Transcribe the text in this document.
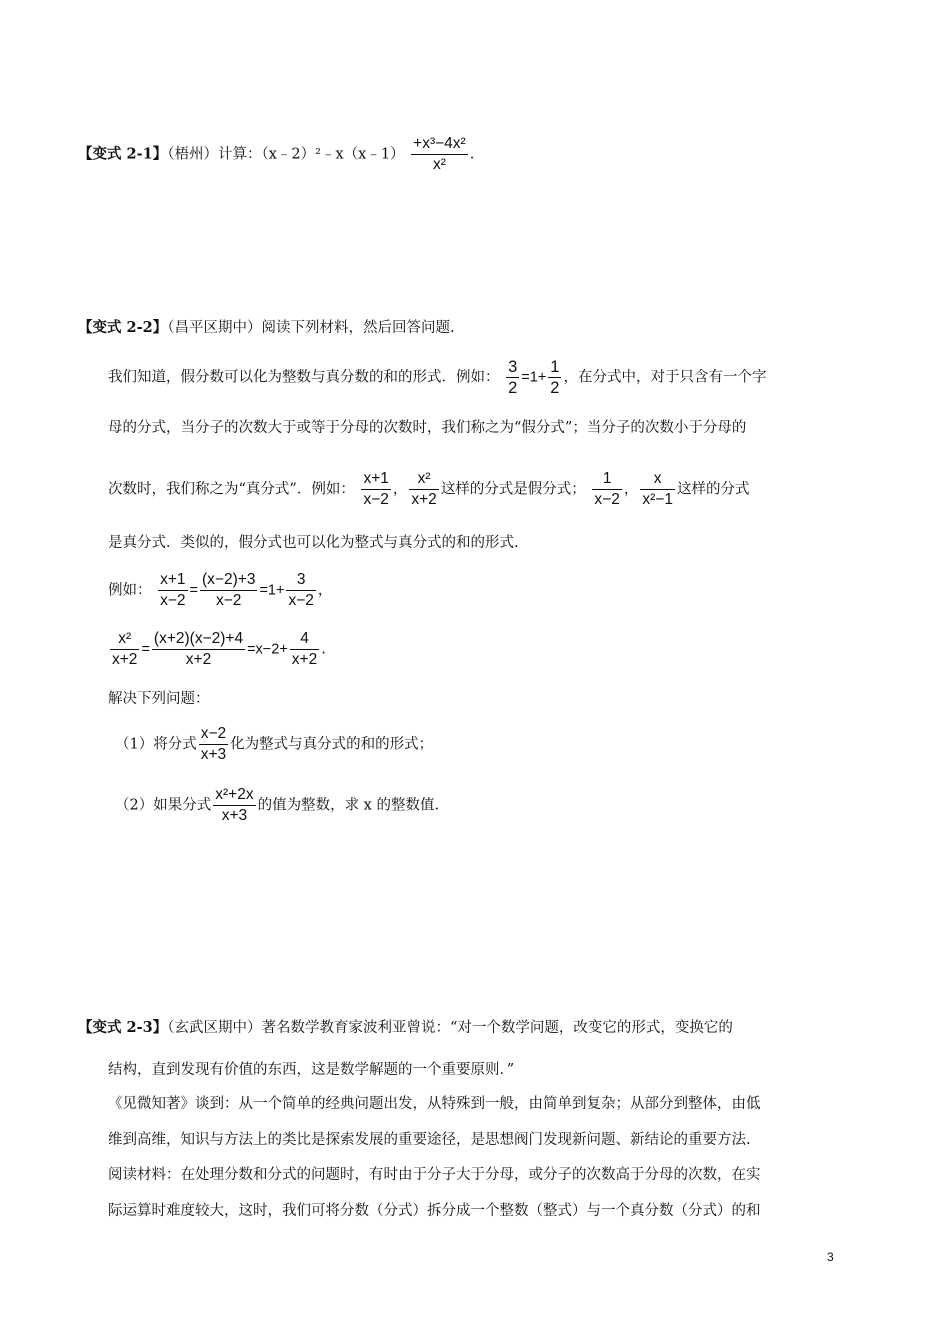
【变式 2-1】（梧州）计算：（x﹣2）²﹣x（x﹣1） $\frac{\text{+x³−4x²}}{\text{x²}}$ .
【变式 2-2】（昌平区期中）阅读下列材料，然后回答问题.
我们知道，假分数可以化为整数与真分数的和的形式．例如： $\frac{3}{2} =1+ \frac{1}{2}$ ，在分式中，对于只含有一个字
母的分式，当分子的次数大于或等于分母的次数时，我们称之为“假分式”；当分子的次数小于分母的
次数时，我们称之为“真分式”．例如： $\frac{x+1}{x-2}$ ， $\frac{\text{x²}}{x+2}$ 这样的分式是假分式； $\frac{1}{x-2}$ ， $\frac{x}{\text{x²−1}}$ 这样的分式
是真分式．类似的，假分式也可以化为整式与真分式的和的形式.
例如： $\frac{x+1}{x-2} = \frac{(x-2)+3}{x-2} =1+ \frac{3}{x-2}$ ，
$\frac{\text{x²}}{x+2} = \frac{(x+2)(x-2)+4}{x+2} =x-2+ \frac{4}{x+2}$ .
解决下列问题：
（1）将分式 $\frac{x-2}{x+3}$ 化为整式与真分式的和的形式；
（2）如果分式 $\frac{\text{x²+2x}}{x+3}$ 的值为整数，求 x 的整数值.
【变式 2-3】（玄武区期中）著名数学教育家波利亚曾说：“对一个数学问题，改变它的形式，变换它的
结构，直到发现有价值的东西，这是数学解题的一个重要原则．”
《见微知著》谈到：从一个简单的经典问题出发，从特殊到一般，由简单到复杂；从部分到整体，由低
维到高维，知识与方法上的类比是探索发展的重要途径，是思想阀门发现新问题、新结论的重要方法.
阅读材料：在处理分数和分式的问题时，有时由于分子大于分母，或分子的次数高于分母的次数，在实
际运算时难度较大，这时，我们可将分数（分式）拆分成一个整数（整式）与一个真分数（分式）的和
3
